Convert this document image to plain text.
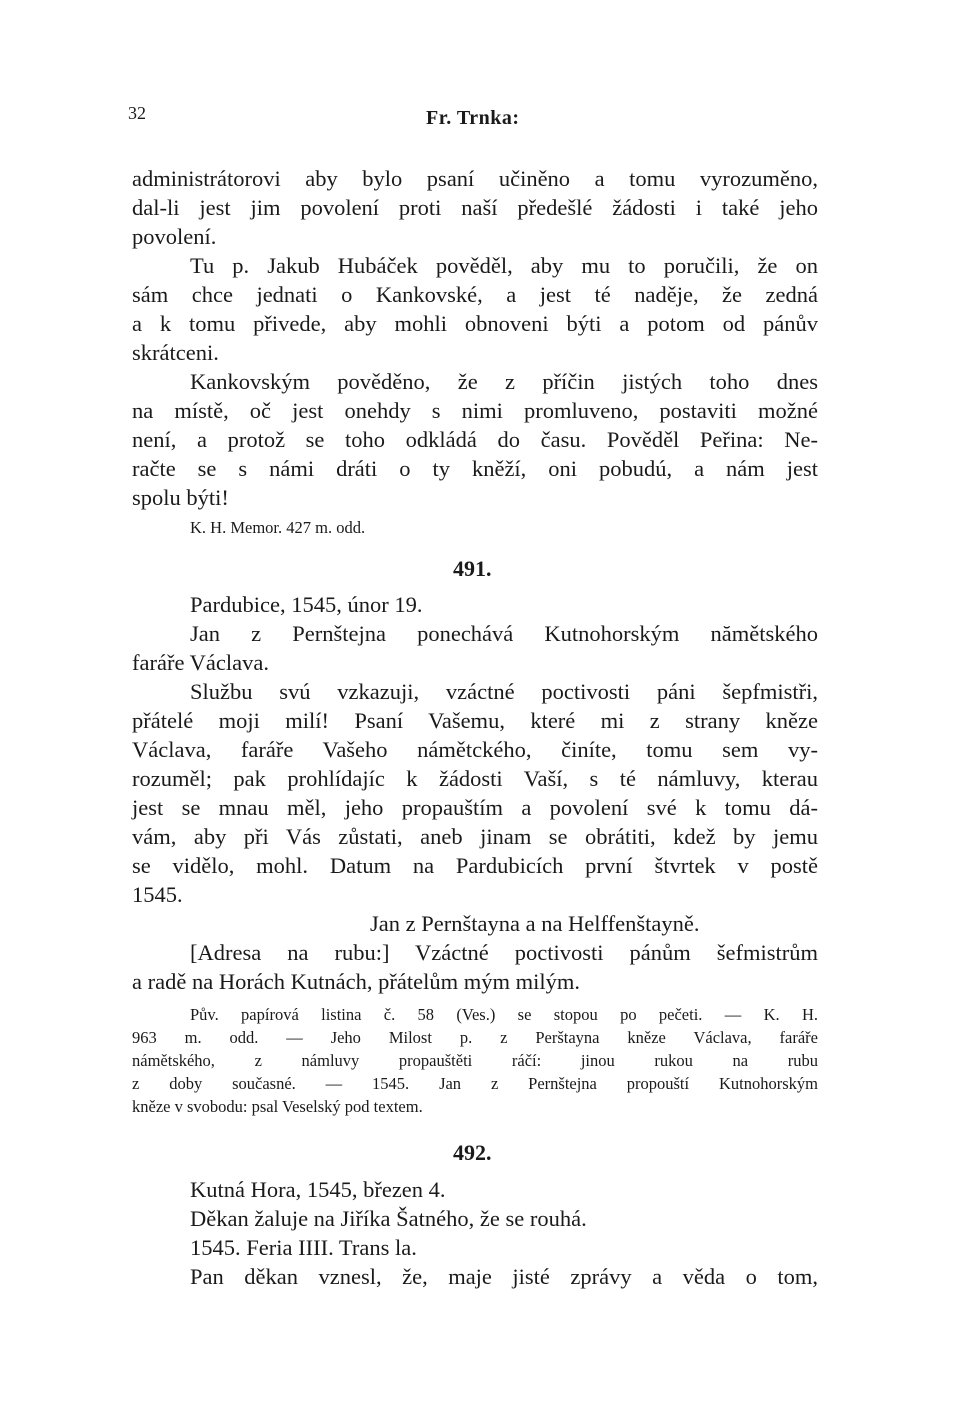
32	Fr. Trnka:
administrátorovi aby bylo psaní učiněno a tomu vyrozuměno,
dal-li jest jim povolení proti naší předešlé žádosti i také jeho
povolení.
Tu p. Jakub Hubáček pověděl, aby mu to poručili, že on
sám chce jednati o Kankovské, a jest té naděje, že zedná
a k tomu přivede, aby mohli obnoveni býti a potom od pánův
skrátceni.
Kankovským pověděno, že z příčin jistých toho dnes
na místě, oč jest onehdy s nimi promluveno, postaviti možné
není, a protož se toho odkládá do času. Pověděl Peřina: Ne-
račte se s námi dráti o ty kněží, oni pobudú, a nám jest
spolu býti!
K. H. Memor. 427 m. odd.
491.
Pardubice, 1545, únor 19.
Jan z Pernštejna ponechává Kutnohorským nămětského
faráře Václava.
Službu svú vzkazuji, vzáctné poctivosti páni šepfmistři,
přátelé moji milí! Psaní Vašemu, které mi z strany kněze
Václava, faráře Vašeho námětckého, činíte, tomu sem vy-
rozuměl; pak prohlídajíc k žádosti Vaší, s té námluvy, kterau
jest se mnau měl, jeho propauštím a povolení své k tomu dá-
vám, aby při Vás zůstati, aneb jinam se obrátiti, kdež by jemu
se vidělo, mohl. Datum na Pardubicích první štvrtek v postě
1545.
Jan z Pernštayna a na Helffenštayně.
[Adresa na rubu:] Vzáctné poctivosti pánům šefmistrům
a radě na Horách Kutnách, přátelům mým milým.
Pův. papírová listina č. 58 (Ves.) se stopou po pečeti. — K. H.
963 m. odd. — Jeho Milost p. z Perštayna kněze Václava, faráře
námětského, z námluvy propauštěti ráčí: jinou rukou na rubu
z doby současné. — 1545. Jan z Pernštejna propouští Kutnohorským
kněze v svobodu: psal Veselský pod textem.
492.
Kutná Hora, 1545, březen 4.
Děkan žaluje na Jiříka Šatného, že se rouhá.
1545. Feria IIII. Trans la.
Pan děkan vznesl, že, maje jisté zprávy a věda o tom,
